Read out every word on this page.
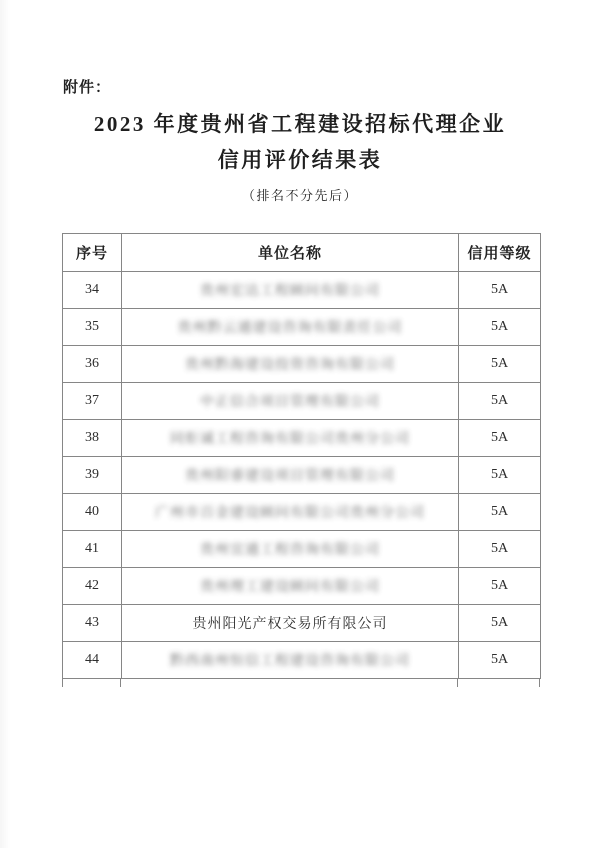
附件：
2023 年度贵州省工程建设招标代理企业
信用评价结果表
（排名不分先后）
序号	单位名称	信用等级
34	贵州宏达工程顾问有限公司	5A
35	贵州黔云通建设咨询有限责任公司	5A
36	贵州黔海建设投资咨询有限公司	5A
37	中正信合项目管理有限公司	5A
38	同炬诚工程咨询有限公司贵州分公司	5A
39	贵州阳睿建设项目管理有限公司	5A
40	广州市百金建设顾问有限公司贵州分公司	5A
41	贵州宜通工程咨询有限公司	5A
42	贵州理工建设顾问有限公司	5A
43	贵州阳光产权交易所有限公司	5A
44	黔西南州恒信工程建设咨询有限公司	5A
